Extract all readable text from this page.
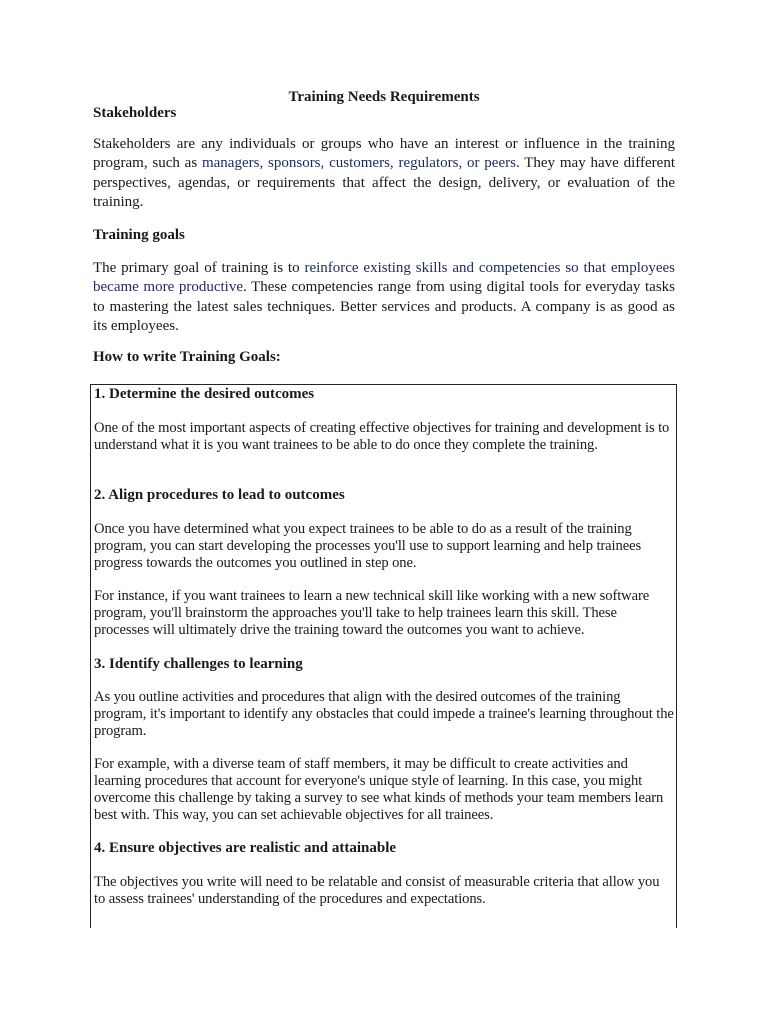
Training Needs Requirements
Stakeholders

Stakeholders are any individuals or groups who have an interest or influence in the training program, such as managers, sponsors, customers, regulators, or peers. They may have different perspectives, agendas, or requirements that affect the design, delivery, or evaluation of the training.

Training goals

The primary goal of training is to reinforce existing skills and competencies so that employees became more productive. These competencies range from using digital tools for everyday tasks to mastering the latest sales techniques. Better services and products. A company is as good as its employees.

How to write Training Goals:
1. Determine the desired outcomes

One of the most important aspects of creating effective objectives for training and development is to understand what it is you want trainees to be able to do once they complete the training.

2. Align procedures to lead to outcomes

Once you have determined what you expect trainees to be able to do as a result of the training program, you can start developing the processes you'll use to support learning and help trainees progress towards the outcomes you outlined in step one.

For instance, if you want trainees to learn a new technical skill like working with a new software program, you'll brainstorm the approaches you'll take to help trainees learn this skill. These processes will ultimately drive the training toward the outcomes you want to achieve.

3. Identify challenges to learning

As you outline activities and procedures that align with the desired outcomes of the training program, it's important to identify any obstacles that could impede a trainee's learning throughout the program.

For example, with a diverse team of staff members, it may be difficult to create activities and learning procedures that account for everyone's unique style of learning. In this case, you might overcome this challenge by taking a survey to see what kinds of methods your team members learn best with. This way, you can set achievable objectives for all trainees.

4. Ensure objectives are realistic and attainable

The objectives you write will need to be relatable and consist of measurable criteria that allow you to assess trainees' understanding of the procedures and expectations.
